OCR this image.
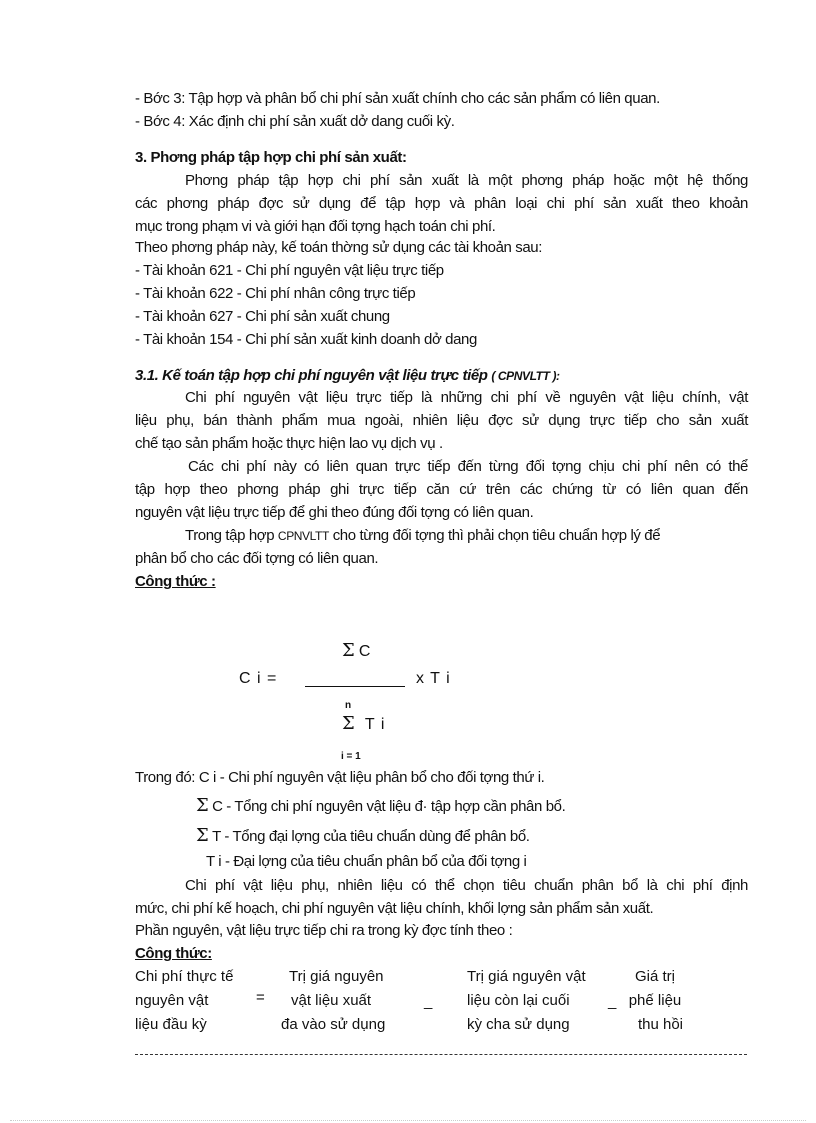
- Bớc 3: Tập hợp và phân bổ chi phí sản xuất chính cho các sản phẩm có liên quan.
- Bớc 4: Xác định chi phí sản xuất dở dang cuối kỳ.
3. Phơng pháp tập hợp chi phí sản xuất:
Phơng pháp tập hợp chi phí sản xuất là một phơng pháp hoặc một hệ thống
các phơng pháp đợc sử dụng để tập hợp và phân loại chi phí sản xuất theo khoản
mục trong phạm vi và giới hạn đối tợng hạch toán chi phí.
Theo phơng pháp này, kế toán thờng sử dụng các tài khoản sau:
- Tài khoản 621 - Chi phí nguyên vật liệu trực tiếp
- Tài khoản 622 - Chi phí nhân công trực tiếp
- Tài khoản 627 - Chi phí sản xuất chung
- Tài khoản 154 - Chi phí sản xuất kinh doanh dở dang
3.1. Kế toán tập hợp chi phí nguyên vật liệu trực tiếp ( CPNVLTT ):
Chi phí nguyên vật liệu trực tiếp là những chi phí về nguyên vật liệu chính, vật
liệu phụ, bán thành phẩm mua ngoài, nhiên liệu đợc sử dụng trực tiếp cho sản xuất
chế tạo sản phẩm hoặc thực hiện lao vụ dịch vụ .
Các chi phí này có liên quan trực tiếp đến từng đối tợng chịu chi phí nên có thể
tập hợp theo phơng pháp ghi trực tiếp căn cứ trên các chứng từ có liên quan đến
nguyên vật liệu trực tiếp để ghi theo đúng đối tợng có liên quan.
Trong tập hợp CPNVLTT cho từng đối tợng thì phải chọn tiêu chuẩn hợp lý để
phân bổ cho các đối tợng có liên quan.
Công thức :
Σ C
C i =	x T i
n
Σ T i
i = 1
Trong đó: C i - Chi phí nguyên vật liệu phân bổ cho đối tợng thứ i.
Σ C - Tổng chi phí nguyên vật liệu đ· tập hợp cần phân bổ.
Σ T - Tổng đại lợng của tiêu chuẩn dùng để phân bổ.
T i - Đại lợng của tiêu chuẩn phân bổ của đối tợng i
Chi phí vật liệu phụ, nhiên liệu có thể chọn tiêu chuẩn phân bổ là chi phí định
mức, chi phí kế hoạch, chi phí nguyên vật liệu chính, khối lợng sản phẩm sản xuất.
Phần nguyên, vật liệu trực tiếp chi ra trong kỳ đợc tính theo :
Công thức:
Chi phí thực tế
nguyên vật
liệu đầu kỳ
=
Trị giá nguyên
vật liệu xuất
đa vào sử dụng
_
Trị giá nguyên vật
liệu còn lại cuối
kỳ cha sử dụng
_
Giá trị
phế liệu
thu hồi
